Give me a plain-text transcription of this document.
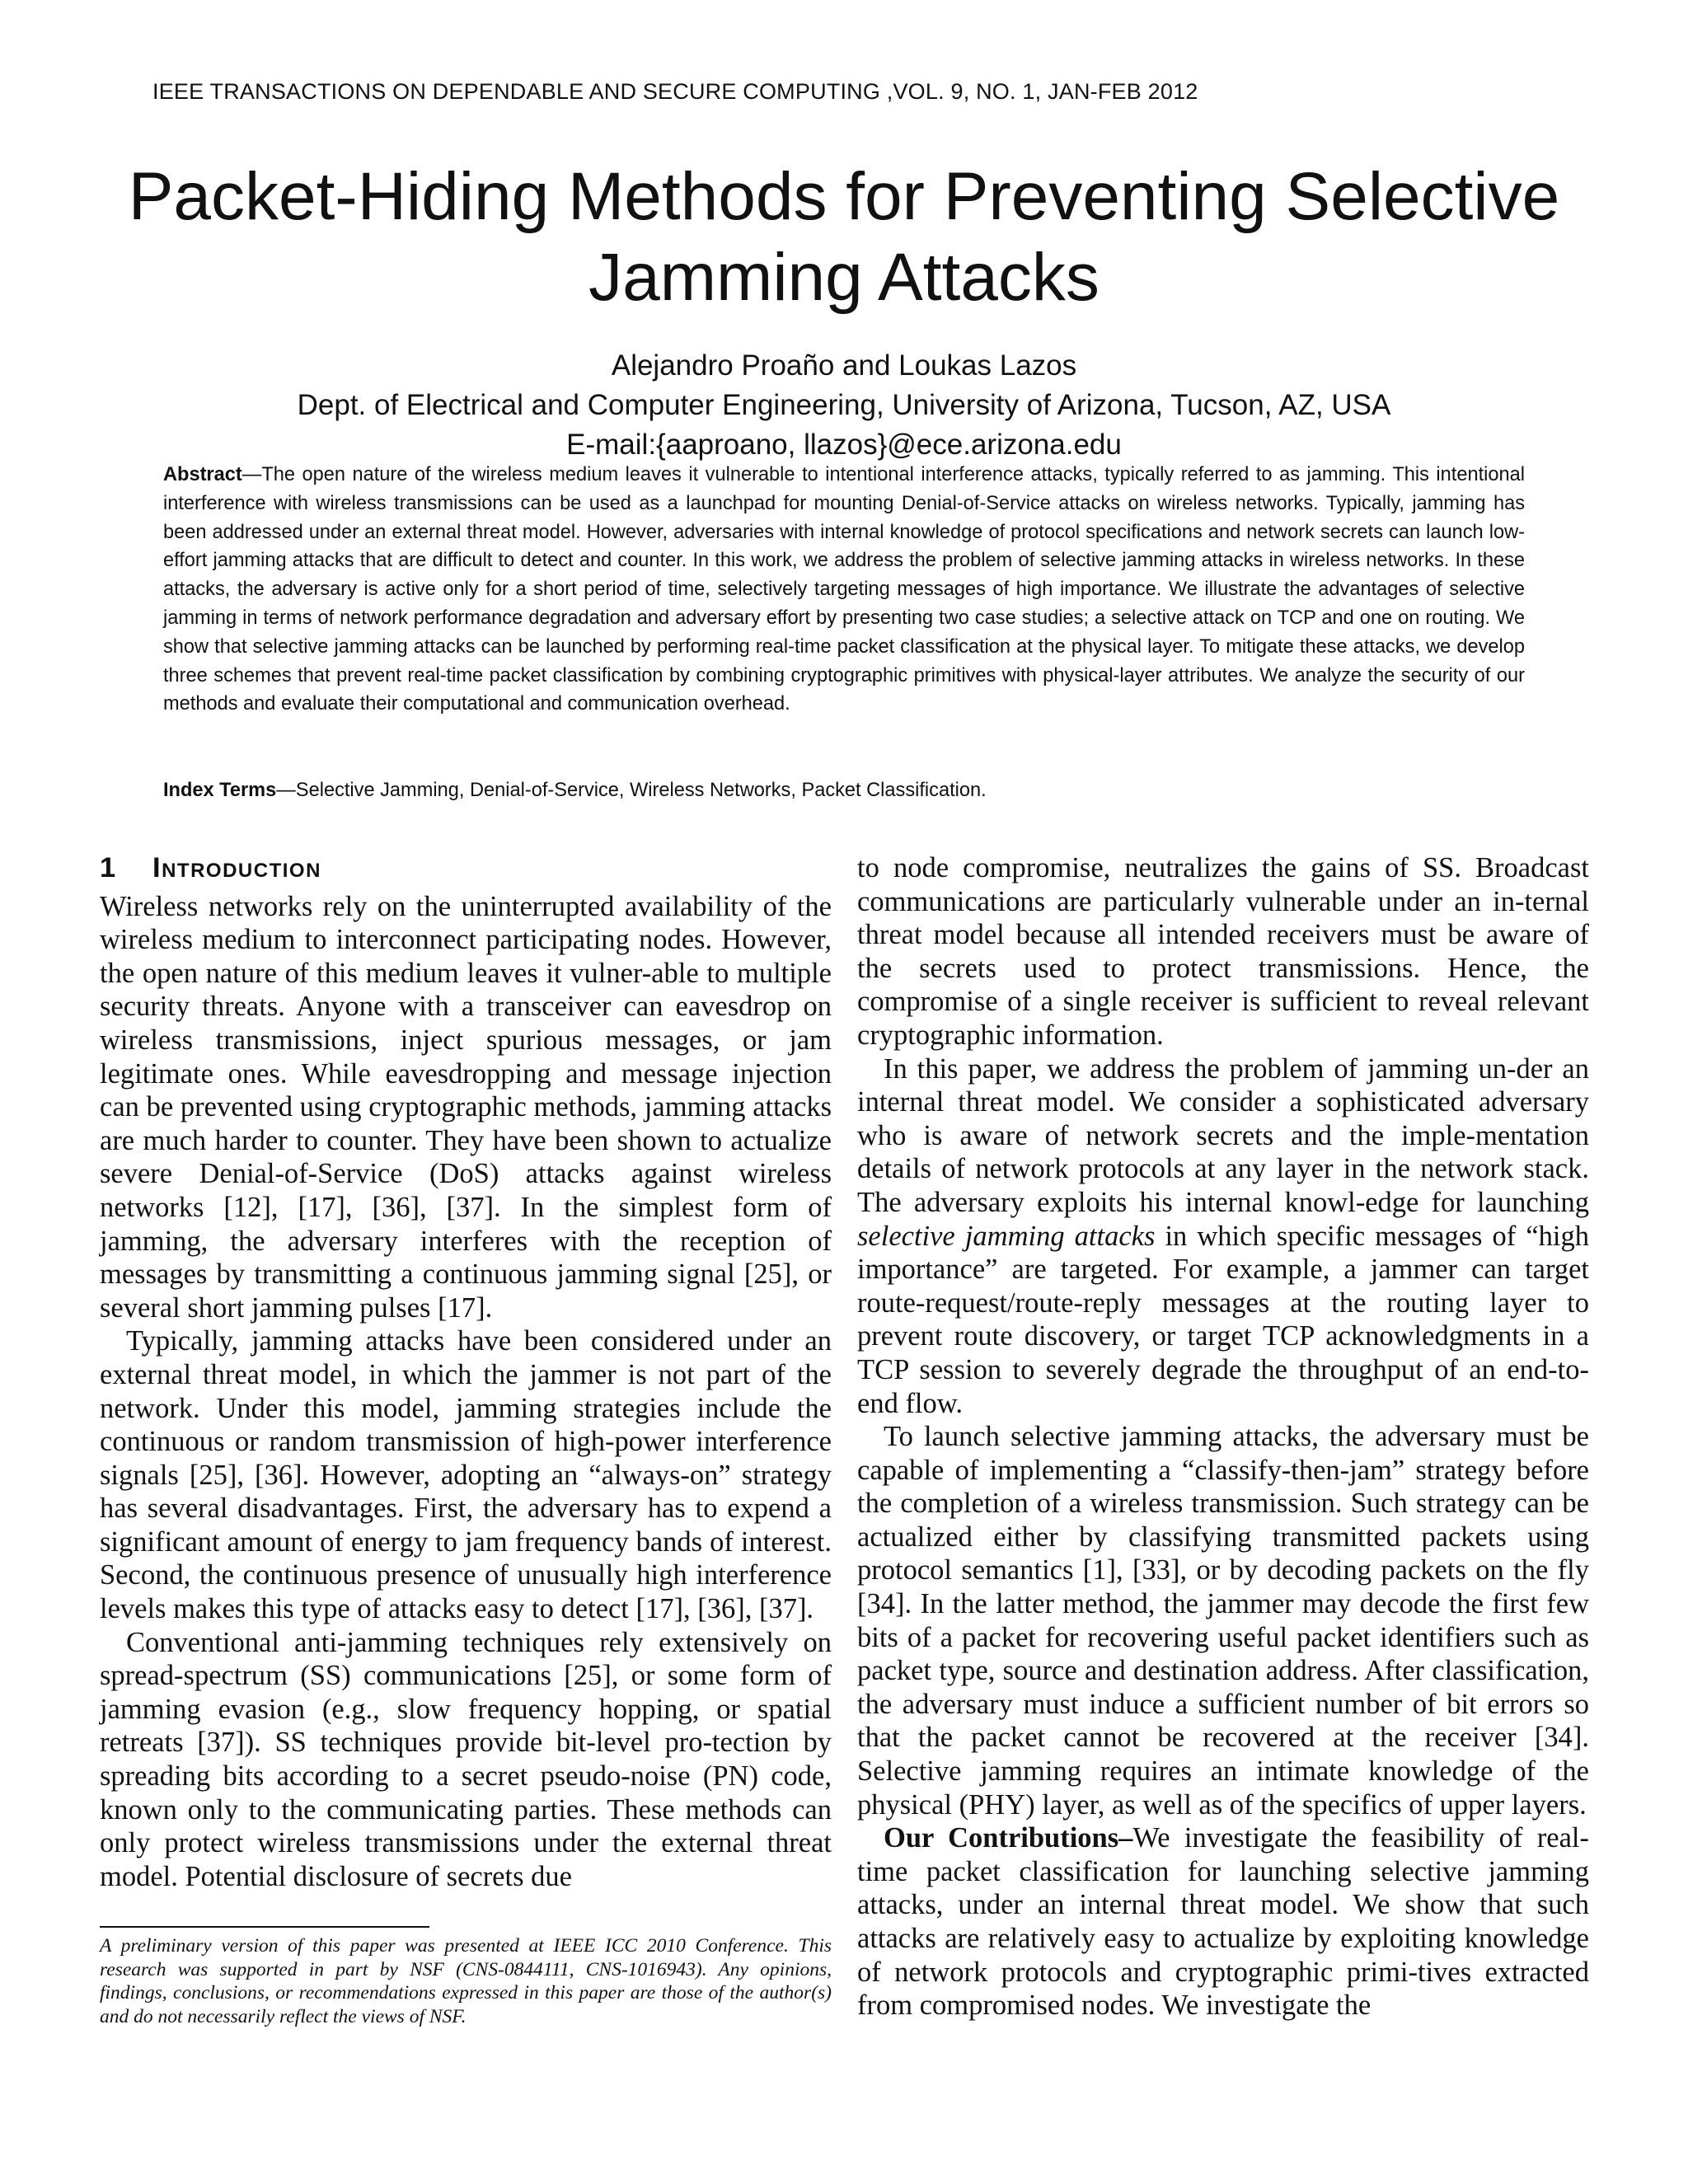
IEEE TRANSACTIONS ON DEPENDABLE AND SECURE COMPUTING ,VOL. 9, NO. 1, JAN-FEB 2012
Packet-Hiding Methods for Preventing Selective
Jamming Attacks
Alejandro Proaño and Loukas Lazos
Dept. of Electrical and Computer Engineering, University of Arizona, Tucson, AZ, USA
E-mail:{aaproano, llazos}@ece.arizona.edu
Abstract—The open nature of the wireless medium leaves it vulnerable to intentional interference attacks, typically referred to as jamming. This intentional interference with wireless transmissions can be used as a launchpad for mounting Denial-of-Service attacks on wireless networks. Typically, jamming has been addressed under an external threat model. However, adversaries with internal knowledge of protocol specifications and network secrets can launch low-effort jamming attacks that are difficult to detect and counter. In this work, we address the problem of selective jamming attacks in wireless networks. In these attacks, the adversary is active only for a short period of time, selectively targeting messages of high importance. We illustrate the advantages of selective jamming in terms of network performance degradation and adversary effort by presenting two case studies; a selective attack on TCP and one on routing. We show that selective jamming attacks can be launched by performing real-time packet classification at the physical layer. To mitigate these attacks, we develop three schemes that prevent real-time packet classification by combining cryptographic primitives with physical-layer attributes. We analyze the security of our methods and evaluate their computational and communication overhead.
Index Terms—Selective Jamming, Denial-of-Service, Wireless Networks, Packet Classification.
1 Introduction

Wireless networks rely on the uninterrupted availability of the wireless medium to interconnect participating nodes. However, the open nature of this medium leaves it vulner-able to multiple security threats. Anyone with a transceiver can eavesdrop on wireless transmissions, inject spurious messages, or jam legitimate ones. While eavesdropping and message injection can be prevented using cryptographic methods, jamming attacks are much harder to counter. They have been shown to actualize severe Denial-of-Service (DoS) attacks against wireless networks [12], [17], [36], [37]. In the simplest form of jamming, the adversary interferes with the reception of messages by transmitting a continuous jamming signal [25], or several short jamming pulses [17].

Typically, jamming attacks have been considered under an external threat model, in which the jammer is not part of the network. Under this model, jamming strategies include the continuous or random transmission of high-power interference signals [25], [36]. However, adopting an “always-on” strategy has several disadvantages. First, the adversary has to expend a significant amount of energy to jam frequency bands of interest. Second, the continuous presence of unusually high interference levels makes this type of attacks easy to detect [17], [36], [37].

Conventional anti-jamming techniques rely extensively on spread-spectrum (SS) communications [25], or some form of jamming evasion (e.g., slow frequency hopping, or spatial retreats [37]). SS techniques provide bit-level pro-tection by spreading bits according to a secret pseudo-noise (PN) code, known only to the communicating parties. These methods can only protect wireless transmissions under the external threat model. Potential disclosure of secrets due

A preliminary version of this paper was presented at IEEE ICC 2010 Conference. This research was supported in part by NSF (CNS-0844111, CNS-1016943). Any opinions, findings, conclusions, or recommendations expressed in this paper are those of the author(s) and do not necessarily reflect the views of NSF.

to node compromise, neutralizes the gains of SS. Broadcast communications are particularly vulnerable under an in-ternal threat model because all intended receivers must be aware of the secrets used to protect transmissions. Hence, the compromise of a single receiver is sufficient to reveal relevant cryptographic information.

In this paper, we address the problem of jamming un-der an internal threat model. We consider a sophisticated adversary who is aware of network secrets and the imple-mentation details of network protocols at any layer in the network stack. The adversary exploits his internal knowl-edge for launching selective jamming attacks in which specific messages of “high importance” are targeted. For example, a jammer can target route-request/route-reply messages at the routing layer to prevent route discovery, or target TCP acknowledgments in a TCP session to severely degrade the throughput of an end-to-end flow.

To launch selective jamming attacks, the adversary must be capable of implementing a “classify-then-jam” strategy before the completion of a wireless transmission. Such strategy can be actualized either by classifying transmitted packets using protocol semantics [1], [33], or by decoding packets on the fly [34]. In the latter method, the jammer may decode the first few bits of a packet for recovering useful packet identifiers such as packet type, source and destination address. After classification, the adversary must induce a sufficient number of bit errors so that the packet cannot be recovered at the receiver [34]. Selective jamming requires an intimate knowledge of the physical (PHY) layer, as well as of the specifics of upper layers.

Our Contributions–We investigate the feasibility of real-time packet classification for launching selective jamming attacks, under an internal threat model. We show that such attacks are relatively easy to actualize by exploiting knowledge of network protocols and cryptographic primi-tives extracted from compromised nodes. We investigate the
